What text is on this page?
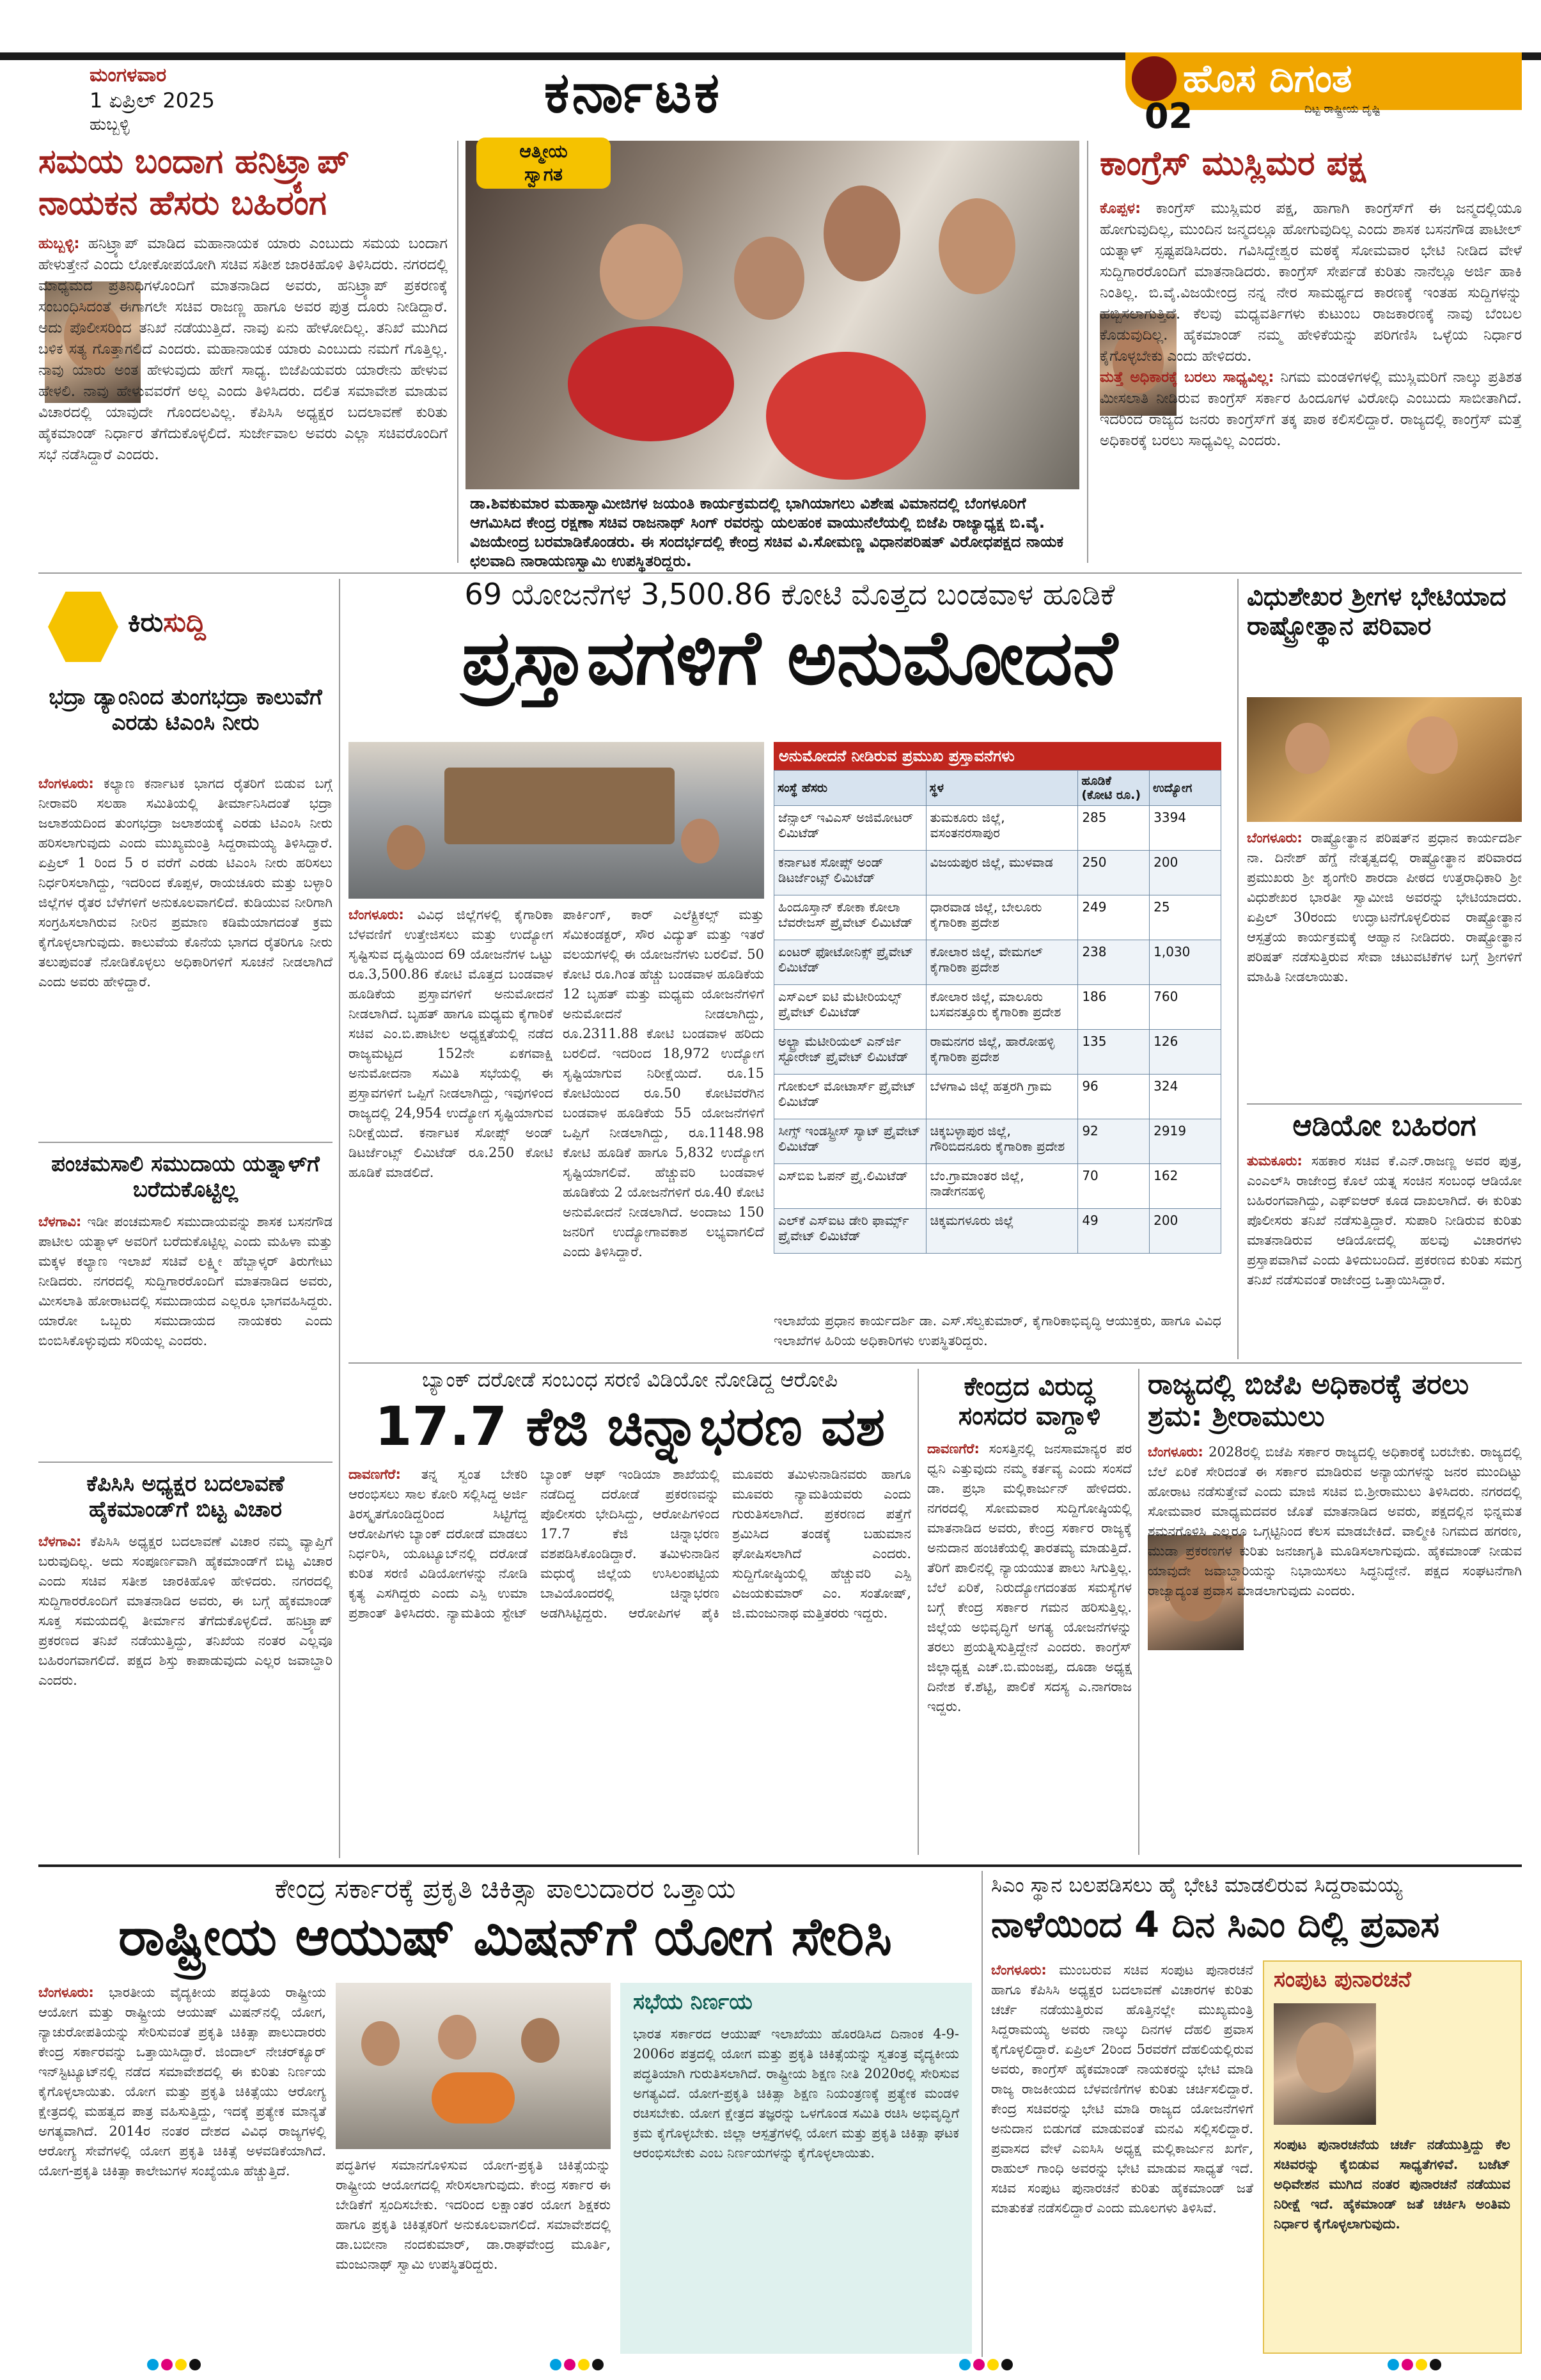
ಮಂಗಳವಾರ
1 ಏಪ್ರಿಲ್ 2025
ಹುಬ್ಬಳ್ಳಿ	ಕರ್ನಾಟಕ	ಹೊಸ ದಿಗಂತ
ದಿಟ್ಟ ರಾಷ್ಟ್ರೀಯ ದೃಷ್ಟಿ
02
ಸಮಯ ಬಂದಾಗ ಹನಿಟ್ರ್ಯಾಪ್
ನಾಯಕನ ಹೆಸರು ಬಹಿರಂಗ
ಹುಬ್ಬಳ್ಳಿ: ಹನಿಟ್ರ್ಯಾಪ್ ಮಾಡಿದ ಮಹಾನಾಯಕ ಯಾರು ಎಂಬುದು ಸಮಯ ಬಂದಾಗ ಹೇಳುತ್ತೇನೆ ಎಂದು ಲೋಕೋಪಯೋಗಿ ಸಚಿವ ಸತೀಶ ಜಾರಕಿಹೊಳಿ ತಿಳಿಸಿದರು. ನಗರದಲ್ಲಿ ಮಾಧ್ಯಮದ ಪ್ರತಿನಿಧಿಗಳೊಂದಿಗೆ ಮಾತನಾಡಿದ ಅವರು, ಹನಿಟ್ರ್ಯಾಪ್ ಪ್ರಕರಣಕ್ಕೆ ಸಂಬಂಧಿಸಿದಂತೆ ಈಗಾಗಲೇ ಸಚಿವ ರಾಜಣ್ಣ ಹಾಗೂ ಅವರ ಪುತ್ರ ದೂರು ನೀಡಿದ್ದಾರೆ. ಅದು ಪೊಲೀಸರಿಂದ ತನಿಖೆ ನಡೆಯುತ್ತಿದೆ. ನಾವು ಏನು ಹೇಳೋದಿಲ್ಲ. ತನಿಖೆ ಮುಗಿದ ಬಳಿಕ ಸತ್ಯ ಗೊತ್ತಾಗಲಿದೆ ಎಂದರು. ಮಹಾನಾಯಕ ಯಾರು ಎಂಬುದು ನಮಗೆ ಗೊತ್ತಿಲ್ಲ. ನಾವು ಯಾರು ಅಂತ ಹೇಳುವುದು ಹೇಗೆ ಸಾಧ್ಯ. ಬಿಜೆಪಿಯವರು ಯಾರೇನು ಹೇಳುವ ಹೇಳಲಿ. ನಾವು ಹೇಳುವವರೆಗೆ ಅಲ್ಲ ಎಂದು ತಿಳಿಸಿದರು. ದಲಿತ ಸಮಾವೇಶ ಮಾಡುವ ವಿಚಾರದಲ್ಲಿ ಯಾವುದೇ ಗೊಂದಲವಿಲ್ಲ. ಕೆಪಿಸಿಸಿ ಅಧ್ಯಕ್ಷರ ಬದಲಾವಣೆ ಕುರಿತು ಹೈಕಮಾಂಡ್ ನಿರ್ಧಾರ ತೆಗೆದುಕೊಳ್ಳಲಿದೆ. ಸುರ್ಜೇವಾಲ ಅವರು ಎಲ್ಲಾ ಸಚಿವರೊಂದಿಗೆ ಸಭೆ ನಡೆಸಿದ್ದಾರೆ ಎಂದರು.
ಆತ್ಮೀಯ
ಸ್ವಾಗತ
ಡಾ.ಶಿವಕುಮಾರ ಮಹಾಸ್ವಾಮೀಜಿಗಳ ಜಯಂತಿ ಕಾರ್ಯಕ್ರಮದಲ್ಲಿ ಭಾಗಿಯಾಗಲು ವಿಶೇಷ ವಿಮಾನದಲ್ಲಿ ಬೆಂಗಳೂರಿಗೆ ಆಗಮಿಸಿದ ಕೇಂದ್ರ ರಕ್ಷಣಾ ಸಚಿವ ರಾಜನಾಥ್ ಸಿಂಗ್ ರವರನ್ನು ಯಲಹಂಕ ವಾಯುನೆಲೆಯಲ್ಲಿ ಬಿಜೆಪಿ ರಾಜ್ಯಾಧ್ಯಕ್ಷ ಬಿ.ವೈ. ವಿಜಯೇಂದ್ರ ಬರಮಾಡಿಕೊಂಡರು. ಈ ಸಂದರ್ಭದಲ್ಲಿ ಕೇಂದ್ರ ಸಚಿವ ವಿ.ಸೋಮಣ್ಣ ವಿಧಾನಪರಿಷತ್ ವಿರೋಧಪಕ್ಷದ ನಾಯಕ ಛಲವಾದಿ ನಾರಾಯಣಸ್ವಾಮಿ ಉಪಸ್ಥಿತರಿದ್ದರು.
ಕಾಂಗ್ರೆಸ್ ಮುಸ್ಲಿಮರ ಪಕ್ಷ
ಕೊಪ್ಪಳ: ಕಾಂಗ್ರೆಸ್ ಮುಸ್ಲಿಮರ ಪಕ್ಷ, ಹಾಗಾಗಿ ಕಾಂಗ್ರೆಸ್‌ಗೆ ಈ ಜನ್ಮದಲ್ಲಿಯೂ ಹೋಗುವುದಿಲ್ಲ, ಮುಂದಿನ ಜನ್ಮದಲ್ಲೂ ಹೋಗುವುದಿಲ್ಲ ಎಂದು ಶಾಸಕ ಬಸನಗೌಡ ಪಾಟೀಲ್ ಯತ್ನಾಳ್ ಸ್ಪಷ್ಟಪಡಿಸಿದರು. ಗವಿಸಿದ್ದೇಶ್ವರ ಮಠಕ್ಕೆ ಸೋಮವಾರ ಭೇಟಿ ನೀಡಿದ ವೇಳೆ ಸುದ್ದಿಗಾರರೊಂದಿಗೆ ಮಾತನಾಡಿದರು. ಕಾಂಗ್ರೆಸ್ ಸೇರ್ಪಡೆ ಕುರಿತು ನಾನೆಲ್ಲೂ ಅರ್ಜಿ ಹಾಕಿ ನಿಂತಿಲ್ಲ. ಬಿ.ವೈ.ವಿಜಯೇಂದ್ರ ನನ್ನ ನೇರ ಸಾಮರ್ಥ್ಯದ ಕಾರಣಕ್ಕೆ ಇಂತಹ ಸುದ್ದಿಗಳನ್ನು ಹಬ್ಬಿಸಲಾಗುತ್ತಿದೆ. ಕೆಲವು ಮಧ್ಯವರ್ತಿಗಳು ಕುಟುಂಬ ರಾಜಕಾರಣಕ್ಕೆ ನಾವು ಬೆಂಬಲ ಕೊಡುವುದಿಲ್ಲ. ಹೈಕಮಾಂಡ್ ನಮ್ಮ ಹೇಳಿಕೆಯನ್ನು ಪರಿಗಣಿಸಿ ಒಳ್ಳೆಯ ನಿರ್ಧಾರ ಕೈಗೊಳ್ಳಬೇಕು ಎಂದು ಹೇಳಿದರು.
ಮತ್ತೆ ಅಧಿಕಾರಕ್ಕೆ ಬರಲು ಸಾಧ್ಯವಿಲ್ಲ: ನಿಗಮ ಮಂಡಳಿಗಳಲ್ಲಿ ಮುಸ್ಲಿಮರಿಗೆ ನಾಲ್ಕು ಪ್ರತಿಶತ ಮೀಸಲಾತಿ ನೀಡಿರುವ ಕಾಂಗ್ರೆಸ್ ಸರ್ಕಾರ ಹಿಂದೂಗಳ ವಿರೋಧಿ ಎಂಬುದು ಸಾಬೀತಾಗಿದೆ. ಇದರಿಂದ ರಾಜ್ಯದ ಜನರು ಕಾಂಗ್ರೆಸ್‌ಗೆ ತಕ್ಕ ಪಾಠ ಕಲಿಸಲಿದ್ದಾರೆ. ರಾಜ್ಯದಲ್ಲಿ ಕಾಂಗ್ರೆಸ್ ಮತ್ತೆ ಅಧಿಕಾರಕ್ಕೆ ಬರಲು ಸಾಧ್ಯವಿಲ್ಲ ಎಂದರು.
ಕಿರುಸುದ್ದಿ
ಭದ್ರಾ ಡ್ಯಾಂನಿಂದ ತುಂಗಭದ್ರಾ ಕಾಲುವೆಗೆ ಎರಡು ಟಿಎಂಸಿ ನೀರು
ಬೆಂಗಳೂರು: ಕಲ್ಯಾಣ ಕರ್ನಾಟಕ ಭಾಗದ ರೈತರಿಗೆ ಬಿಡುವ ಬಗ್ಗೆ ನೀರಾವರಿ ಸಲಹಾ ಸಮಿತಿಯಲ್ಲಿ ತೀರ್ಮಾನಿಸಿದಂತೆ ಭದ್ರಾ ಜಲಾಶಯದಿಂದ ತುಂಗಭದ್ರಾ ಜಲಾಶಯಕ್ಕೆ ಎರಡು ಟಿಎಂಸಿ ನೀರು ಹರಿಸಲಾಗುವುದು ಎಂದು ಮುಖ್ಯಮಂತ್ರಿ ಸಿದ್ದರಾಮಯ್ಯ ತಿಳಿಸಿದ್ದಾರೆ. ಏಪ್ರಿಲ್ 1 ರಿಂದ 5 ರ ವರೆಗೆ ಎರಡು ಟಿಎಂಸಿ ನೀರು ಹರಿಸಲು ನಿರ್ಧರಿಸಲಾಗಿದ್ದು, ಇದರಿಂದ ಕೊಪ್ಪಳ, ರಾಯಚೂರು ಮತ್ತು ಬಳ್ಳಾರಿ ಜಿಲ್ಲೆಗಳ ರೈತರ ಬೆಳೆಗಳಿಗೆ ಅನುಕೂಲವಾಗಲಿದೆ. ಕುಡಿಯುವ ನೀರಿಗಾಗಿ ಸಂಗ್ರಹಿಸಲಾಗಿರುವ ನೀರಿನ ಪ್ರಮಾಣ ಕಡಿಮೆಯಾಗದಂತೆ ಕ್ರಮ ಕೈಗೊಳ್ಳಲಾಗುವುದು. ಕಾಲುವೆಯ ಕೊನೆಯ ಭಾಗದ ರೈತರಿಗೂ ನೀರು ತಲುಪುವಂತೆ ನೋಡಿಕೊಳ್ಳಲು ಅಧಿಕಾರಿಗಳಿಗೆ ಸೂಚನೆ ನೀಡಲಾಗಿದೆ ಎಂದು ಅವರು ಹೇಳಿದ್ದಾರೆ.
ಪಂಚಮಸಾಲಿ ಸಮುದಾಯ ಯತ್ನಾಳ್‌ಗೆ ಬರೆದುಕೊಟ್ಟಿಲ್ಲ
ಬೆಳಗಾವಿ: ಇಡೀ ಪಂಚಮಸಾಲಿ ಸಮುದಾಯವನ್ನು ಶಾಸಕ ಬಸನಗೌಡ ಪಾಟೀಲ ಯತ್ನಾಳ್ ಅವರಿಗೆ ಬರೆದುಕೊಟ್ಟಿಲ್ಲ ಎಂದು ಮಹಿಳಾ ಮತ್ತು ಮಕ್ಕಳ ಕಲ್ಯಾಣ ಇಲಾಖೆ ಸಚಿವೆ ಲಕ್ಷ್ಮೀ ಹೆಬ್ಬಾಳ್ಕರ್ ತಿರುಗೇಟು ನೀಡಿದರು. ನಗರದಲ್ಲಿ ಸುದ್ದಿಗಾರರೊಂದಿಗೆ ಮಾತನಾಡಿದ ಅವರು, ಮೀಸಲಾತಿ ಹೋರಾಟದಲ್ಲಿ ಸಮುದಾಯದ ಎಲ್ಲರೂ ಭಾಗವಹಿಸಿದ್ದರು. ಯಾರೋ ಒಬ್ಬರು ಸಮುದಾಯದ ನಾಯಕರು ಎಂದು ಬಿಂಬಿಸಿಕೊಳ್ಳುವುದು ಸರಿಯಲ್ಲ ಎಂದರು.
ಕೆಪಿಸಿಸಿ ಅಧ್ಯಕ್ಷರ ಬದಲಾವಣೆ ಹೈಕಮಾಂಡ್‌ಗೆ ಬಿಟ್ಟ ವಿಚಾರ
ಬೆಳಗಾವಿ: ಕೆಪಿಸಿಸಿ ಅಧ್ಯಕ್ಷರ ಬದಲಾವಣೆ ವಿಚಾರ ನಮ್ಮ ವ್ಯಾಪ್ತಿಗೆ ಬರುವುದಿಲ್ಲ. ಅದು ಸಂಪೂರ್ಣವಾಗಿ ಹೈಕಮಾಂಡ್‌ಗೆ ಬಿಟ್ಟ ವಿಚಾರ ಎಂದು ಸಚಿವ ಸತೀಶ ಜಾರಕಿಹೊಳಿ ಹೇಳಿದರು. ನಗರದಲ್ಲಿ ಸುದ್ದಿಗಾರರೊಂದಿಗೆ ಮಾತನಾಡಿದ ಅವರು, ಈ ಬಗ್ಗೆ ಹೈಕಮಾಂಡ್ ಸೂಕ್ತ ಸಮಯದಲ್ಲಿ ತೀರ್ಮಾನ ತೆಗೆದುಕೊಳ್ಳಲಿದೆ. ಹನಿಟ್ರ್ಯಾಪ್ ಪ್ರಕರಣದ ತನಿಖೆ ನಡೆಯುತ್ತಿದ್ದು, ತನಿಖೆಯ ನಂತರ ಎಲ್ಲವೂ ಬಹಿರಂಗವಾಗಲಿದೆ. ಪಕ್ಷದ ಶಿಸ್ತು ಕಾಪಾಡುವುದು ಎಲ್ಲರ ಜವಾಬ್ದಾರಿ ಎಂದರು.
69 ಯೋಜನೆಗಳ 3,500.86 ಕೋಟಿ ಮೊತ್ತದ ಬಂಡವಾಳ ಹೂಡಿಕೆ
ಪ್ರಸ್ತಾವಗಳಿಗೆ ಅನುಮೋದನೆ
ಬೆಂಗಳೂರು: ವಿವಿಧ ಜಿಲ್ಲೆಗಳಲ್ಲಿ ಕೈಗಾರಿಕಾ ಬೆಳವಣಿಗೆ ಉತ್ತೇಜಿಸಲು ಮತ್ತು ಉದ್ಯೋಗ ಸೃಷ್ಟಿಸುವ ದೃಷ್ಟಿಯಿಂದ 69 ಯೋಜನೆಗಳ ಒಟ್ಟು ರೂ.3,500.86 ಕೋಟಿ ಮೊತ್ತದ ಬಂಡವಾಳ ಹೂಡಿಕೆಯ ಪ್ರಸ್ತಾವಗಳಿಗೆ ಅನುಮೋದನೆ ನೀಡಲಾಗಿದೆ. ಬೃಹತ್ ಹಾಗೂ ಮಧ್ಯಮ ಕೈಗಾರಿಕೆ ಸಚಿವ ಎಂ.ಬಿ.ಪಾಟೀಲ ಅಧ್ಯಕ್ಷತೆಯಲ್ಲಿ ನಡೆದ ರಾಜ್ಯಮಟ್ಟದ 152ನೇ ಏಕಗವಾಕ್ಷಿ ಅನುಮೋದನಾ ಸಮಿತಿ ಸಭೆಯಲ್ಲಿ ಈ ಪ್ರಸ್ತಾವಗಳಿಗೆ ಒಪ್ಪಿಗೆ ನೀಡಲಾಗಿದ್ದು, ಇವುಗಳಿಂದ ರಾಜ್ಯದಲ್ಲಿ 24,954 ಉದ್ಯೋಗ ಸೃಷ್ಟಿಯಾಗುವ ನಿರೀಕ್ಷೆಯಿದೆ. ಕರ್ನಾಟಕ ಸೋಪ್ಸ್ ಅಂಡ್ ಡಿಟರ್ಜೆಂಟ್ಸ್ ಲಿಮಿಟೆಡ್ ರೂ.250 ಕೋಟಿ ಹೂಡಿಕೆ ಮಾಡಲಿದೆ.
ಪಾರ್ಕಿಂಗ್, ಕಾರ್ ಎಲೆಕ್ಟ್ರಿಕಲ್ಸ್ ಮತ್ತು ಸೆಮಿಕಂಡಕ್ಟರ್, ಸೌರ ವಿದ್ಯುತ್ ಮತ್ತು ಇತರೆ ವಲಯಗಳಲ್ಲಿ ಈ ಯೋಜನೆಗಳು ಬರಲಿವೆ. 50 ಕೋಟಿ ರೂ.ಗಿಂತ ಹೆಚ್ಚು ಬಂಡವಾಳ ಹೂಡಿಕೆಯ 12 ಬೃಹತ್ ಮತ್ತು ಮಧ್ಯಮ ಯೋಜನೆಗಳಿಗೆ ಅನುಮೋದನೆ ನೀಡಲಾಗಿದ್ದು, ರೂ.2311.88 ಕೋಟಿ ಬಂಡವಾಳ ಹರಿದು ಬರಲಿದೆ. ಇದರಿಂದ 18,972 ಉದ್ಯೋಗ ಸೃಷ್ಟಿಯಾಗುವ ನಿರೀಕ್ಷೆಯಿದೆ. ರೂ.15 ಕೋಟಿಯಿಂದ ರೂ.50 ಕೋಟಿವರೆಗಿನ ಬಂಡವಾಳ ಹೂಡಿಕೆಯ 55 ಯೋಜನೆಗಳಿಗೆ ಒಪ್ಪಿಗೆ ನೀಡಲಾಗಿದ್ದು, ರೂ.1148.98 ಕೋಟಿ ಹೂಡಿಕೆ ಹಾಗೂ 5,832 ಉದ್ಯೋಗ ಸೃಷ್ಟಿಯಾಗಲಿವೆ. ಹೆಚ್ಚುವರಿ ಬಂಡವಾಳ ಹೂಡಿಕೆಯ 2 ಯೋಜನೆಗಳಿಗೆ ರೂ.40 ಕೋಟಿ ಅನುಮೋದನೆ ನೀಡಲಾಗಿದೆ. ಅಂದಾಜು 150 ಜನರಿಗೆ ಉದ್ಯೋಗಾವಕಾಶ ಲಭ್ಯವಾಗಲಿದೆ ಎಂದು ತಿಳಿಸಿದ್ದಾರೆ.
ಅನುಮೋದನೆ ನೀಡಿರುವ ಪ್ರಮುಖ ಪ್ರಸ್ತಾವನೆಗಳು
ಸಂಸ್ಥೆ ಹೆಸರು	ಸ್ಥಳ	ಹೂಡಿಕೆ (ಕೋಟಿ ರೂ.)	ಉದ್ಯೋಗ
ಜೆನ್ಸಾಲ್ ಇವಿಎಸ್ ಅಜಿಮೋಟರ್ ಲಿಮಿಟೆಡ್	ತುಮಕೂರು ಜಿಲ್ಲೆ, ವಸಂತನರಸಾಪುರ	285	3394
ಕರ್ನಾಟಕ ಸೋಪ್ಸ್ ಅಂಡ್ ಡಿಟರ್ಜೆಂಟ್ಸ್ ಲಿಮಿಟೆಡ್	ವಿಜಯಪುರ ಜಿಲ್ಲೆ, ಮುಳವಾಡ	250	200
ಹಿಂದೂಸ್ತಾನ್ ಕೋಕಾ ಕೋಲಾ ಬೆವರೇಜಸ್ ಪ್ರೈವೇಟ್ ಲಿಮಿಟೆಡ್	ಧಾರವಾಡ ಜಿಲ್ಲೆ, ಬೇಲೂರು ಕೈಗಾರಿಕಾ ಪ್ರದೇಶ	249	25
ಏಂಟರ್ ಫೋಟೋನಿಕ್ಸ್ ಪ್ರೈವೇಟ್ ಲಿಮಿಟೆಡ್	ಕೋಲಾರ ಜಿಲ್ಲೆ, ವೇಮಗಲ್ ಕೈಗಾರಿಕಾ ಪ್ರದೇಶ	238	1,030
ಎಸ್‌ಎಲ್ ಐಟಿ ಮೆಟೀರಿಯಲ್ಸ್ ಪ್ರೈವೇಟ್ ಲಿಮಿಟೆಡ್	ಕೋಲಾರ ಜಿಲ್ಲೆ, ಮಾಲೂರು ಬಸವನತ್ತೂರು ಕೈಗಾರಿಕಾ ಪ್ರದೇಶ	186	760
ಅಲ್ಟ್ರಾ ಮೆಟೀರಿಯಲ್ ಎನ್‌ರ್ಜಿ ಸ್ಟೋರೇಜ್ ಪ್ರೈವೇಟ್ ಲಿಮಿಟೆಡ್	ರಾಮನಗರ ಜಿಲ್ಲೆ, ಹಾರೋಹಳ್ಳಿ ಕೈಗಾರಿಕಾ ಪ್ರದೇಶ	135	126
ಗೋಕುಲ್ ಮೋಟಾರ್ಸ್ ಪ್ರೈವೇಟ್ ಲಿಮಿಟೆಡ್	ಬೆಳಗಾವಿ ಜಿಲ್ಲೆ ಹತ್ತರಗಿ ಗ್ರಾಮ	96	324
ಸೀಗ್ಸ್ ಇಂಡಸ್ಟ್ರೀಸ್ ಸ್ಯಾಟ್ ಪ್ರೈವೇಟ್ ಲಿಮಿಟೆಡ್	ಚಿಕ್ಕಬಳ್ಳಾಪುರ ಜಿಲ್ಲೆ, ಗೌರಿಬಿದನೂರು ಕೈಗಾರಿಕಾ ಪ್ರದೇಶ	92	2919
ಎಸ್‌ಬಿಐ ಓಪನ್ ಪ್ರೈ.ಲಿಮಿಟೆಡ್	ಬೆಂ.ಗ್ರಾಮಾಂತರ ಜಿಲ್ಲೆ, ನಾಡೇಗನಹಳ್ಳಿ	70	162
ಎಲ್‌ಕೆ ಎಸ್‌ಐಟ ಡೇರಿ ಫಾರ್ಮ್ಸ್ ಪ್ರೈವೇಟ್ ಲಿಮಿಟೆಡ್	ಚಿಕ್ಕಮಗಳೂರು ಜಿಲ್ಲೆ	49	200
ಇಲಾಖೆಯ ಪ್ರಧಾನ ಕಾರ್ಯದರ್ಶಿ ಡಾ. ಎಸ್.ಸೆಲ್ವಕುಮಾರ್, ಕೈಗಾರಿಕಾಭಿವೃದ್ಧಿ ಆಯುಕ್ತರು, ಹಾಗೂ ವಿವಿಧ ಇಲಾಖೆಗಳ ಹಿರಿಯ ಅಧಿಕಾರಿಗಳು ಉಪಸ್ಥಿತರಿದ್ದರು.
ವಿಧುಶೇಖರ ಶ್ರೀಗಳ ಭೇಟಿಯಾದ ರಾಷ್ಟ್ರೋತ್ಥಾನ ಪರಿವಾರ
ಬೆಂಗಳೂರು: ರಾಷ್ಟ್ರೋತ್ಥಾನ ಪರಿಷತ್‌ನ ಪ್ರಧಾನ ಕಾರ್ಯದರ್ಶಿ ನಾ. ದಿನೇಶ್ ಹೆಗ್ಡೆ ನೇತೃತ್ವದಲ್ಲಿ ರಾಷ್ಟ್ರೋತ್ಥಾನ ಪರಿವಾರದ ಪ್ರಮುಖರು ಶ್ರೀ ಶೃಂಗೇರಿ ಶಾರದಾ ಪೀಠದ ಉತ್ತರಾಧಿಕಾರಿ ಶ್ರೀ ವಿಧುಶೇಖರ ಭಾರತೀ ಸ್ವಾಮೀಜಿ ಅವರನ್ನು ಭೇಟಿಯಾದರು. ಏಪ್ರಿಲ್ 30ರಂದು ಉದ್ಘಾಟನೆಗೊಳ್ಳಲಿರುವ ರಾಷ್ಟ್ರೋತ್ಥಾನ ಆಸ್ಪತ್ರೆಯ ಕಾರ್ಯಕ್ರಮಕ್ಕೆ ಆಹ್ವಾನ ನೀಡಿದರು. ರಾಷ್ಟ್ರೋತ್ಥಾನ ಪರಿಷತ್ ನಡೆಸುತ್ತಿರುವ ಸೇವಾ ಚಟುವಟಿಕೆಗಳ ಬಗ್ಗೆ ಶ್ರೀಗಳಿಗೆ ಮಾಹಿತಿ ನೀಡಲಾಯಿತು.
ಆಡಿಯೋ ಬಹಿರಂಗ
ತುಮಕೂರು: ಸಹಕಾರ ಸಚಿವ ಕೆ.ಎನ್.ರಾಜಣ್ಣ ಅವರ ಪುತ್ರ, ಎಂಎಲ್‌ಸಿ ರಾಜೇಂದ್ರ ಕೊಲೆ ಯತ್ನ ಸಂಚಿನ ಸಂಬಂಧ ಆಡಿಯೋ ಬಹಿರಂಗವಾಗಿದ್ದು, ಎಫ್‌ಐಆರ್ ಕೂಡ ದಾಖಲಾಗಿದೆ. ಈ ಕುರಿತು ಪೊಲೀಸರು ತನಿಖೆ ನಡೆಸುತ್ತಿದ್ದಾರೆ. ಸುಪಾರಿ ನೀಡಿರುವ ಕುರಿತು ಮಾತನಾಡಿರುವ ಆಡಿಯೋದಲ್ಲಿ ಹಲವು ವಿಚಾರಗಳು ಪ್ರಸ್ತಾಪವಾಗಿವೆ ಎಂದು ತಿಳಿದುಬಂದಿದೆ. ಪ್ರಕರಣದ ಕುರಿತು ಸಮಗ್ರ ತನಿಖೆ ನಡೆಸುವಂತೆ ರಾಜೇಂದ್ರ ಒತ್ತಾಯಿಸಿದ್ದಾರೆ.
ಬ್ಯಾಂಕ್ ದರೋಡೆ ಸಂಬಂಧ ಸರಣಿ ವಿಡಿಯೋ ನೋಡಿದ್ದ ಆರೋಪಿ
17.7 ಕೆಜಿ ಚಿನ್ನಾಭರಣ ವಶ
ದಾವಣಗೆರೆ: ತನ್ನ ಸ್ವಂತ ಬೇಕರಿ ಆರಂಭಿಸಲು ಸಾಲ ಕೋರಿ ಸಲ್ಲಿಸಿದ್ದ ಅರ್ಜಿ ತಿರಸ್ಕೃತಗೊಂಡಿದ್ದರಿಂದ ಸಿಟ್ಟಿಗೆದ್ದ ಆರೋಪಿಗಳು ಬ್ಯಾಂಕ್ ದರೋಡೆ ಮಾಡಲು ನಿರ್ಧರಿಸಿ, ಯೂಟ್ಯೂಬ್‌ನಲ್ಲಿ ದರೋಡೆ ಕುರಿತ ಸರಣಿ ವಿಡಿಯೋಗಳನ್ನು ನೋಡಿ ಕೃತ್ಯ ಎಸಗಿದ್ದರು ಎಂದು ಎಸ್ಪಿ ಉಮಾ ಪ್ರಶಾಂತ್ ತಿಳಿಸಿದರು. ನ್ಯಾಮತಿಯ ಸ್ಟೇಟ್ ಬ್ಯಾಂಕ್ ಆಫ್ ಇಂಡಿಯಾ ಶಾಖೆಯಲ್ಲಿ ನಡೆದಿದ್ದ ದರೋಡೆ ಪ್ರಕರಣವನ್ನು ಪೊಲೀಸರು ಭೇದಿಸಿದ್ದು, ಆರೋಪಿಗಳಿಂದ 17.7 ಕೆಜಿ ಚಿನ್ನಾಭರಣ ವಶಪಡಿಸಿಕೊಂಡಿದ್ದಾರೆ. ತಮಿಳುನಾಡಿನ ಮಧುರೈ ಜಿಲ್ಲೆಯ ಉಸಿಲಂಪಟ್ಟಿಯ ಬಾವಿಯೊಂದರಲ್ಲಿ ಚಿನ್ನಾಭರಣ ಅಡಗಿಸಿಟ್ಟಿದ್ದರು. ಆರೋಪಿಗಳ ಪೈಕಿ ಮೂವರು ತಮಿಳುನಾಡಿನವರು ಹಾಗೂ ಮೂವರು ನ್ಯಾಮತಿಯವರು ಎಂದು ಗುರುತಿಸಲಾಗಿದೆ. ಪ್ರಕರಣದ ಪತ್ತೆಗೆ ಶ್ರಮಿಸಿದ ತಂಡಕ್ಕೆ ಬಹುಮಾನ ಘೋಷಿಸಲಾಗಿದೆ ಎಂದರು. ಸುದ್ದಿಗೋಷ್ಠಿಯಲ್ಲಿ ಹೆಚ್ಚುವರಿ ಎಸ್ಪಿ ವಿಜಯಕುಮಾರ್ ಎಂ. ಸಂತೋಷ್, ಜಿ.ಮಂಜುನಾಥ ಮತ್ತಿತರರು ಇದ್ದರು.
ಕೇಂದ್ರದ ವಿರುದ್ಧ ಸಂಸದರ ವಾಗ್ದಾಳಿ
ದಾವಣಗೆರೆ: ಸಂಸತ್ತಿನಲ್ಲಿ ಜನಸಾಮಾನ್ಯರ ಪರ ಧ್ವನಿ ಎತ್ತುವುದು ನಮ್ಮ ಕರ್ತವ್ಯ ಎಂದು ಸಂಸದೆ ಡಾ. ಪ್ರಭಾ ಮಲ್ಲಿಕಾರ್ಜುನ್ ಹೇಳಿದರು. ನಗರದಲ್ಲಿ ಸೋಮವಾರ ಸುದ್ದಿಗೋಷ್ಠಿಯಲ್ಲಿ ಮಾತನಾಡಿದ ಅವರು, ಕೇಂದ್ರ ಸರ್ಕಾರ ರಾಜ್ಯಕ್ಕೆ ಅನುದಾನ ಹಂಚಿಕೆಯಲ್ಲಿ ತಾರತಮ್ಯ ಮಾಡುತ್ತಿದೆ. ತೆರಿಗೆ ಪಾಲಿನಲ್ಲಿ ನ್ಯಾಯಯುತ ಪಾಲು ಸಿಗುತ್ತಿಲ್ಲ. ಬೆಲೆ ಏರಿಕೆ, ನಿರುದ್ಯೋಗದಂತಹ ಸಮಸ್ಯೆಗಳ ಬಗ್ಗೆ ಕೇಂದ್ರ ಸರ್ಕಾರ ಗಮನ ಹರಿಸುತ್ತಿಲ್ಲ. ಜಿಲ್ಲೆಯ ಅಭಿವೃದ್ಧಿಗೆ ಅಗತ್ಯ ಯೋಜನೆಗಳನ್ನು ತರಲು ಪ್ರಯತ್ನಿಸುತ್ತಿದ್ದೇನೆ ಎಂದರು. ಕಾಂಗ್ರೆಸ್ ಜಿಲ್ಲಾಧ್ಯಕ್ಷ ಎಚ್.ಬಿ.ಮಂಜಪ್ಪ, ದೂಡಾ ಅಧ್ಯಕ್ಷ ದಿನೇಶ ಕೆ.ಶೆಟ್ಟಿ, ಪಾಲಿಕೆ ಸದಸ್ಯ ಎ.ನಾಗರಾಜ ಇದ್ದರು.
ರಾಜ್ಯದಲ್ಲಿ ಬಿಜೆಪಿ ಅಧಿಕಾರಕ್ಕೆ ತರಲು ಶ್ರಮ: ಶ್ರೀರಾಮುಲು
ಬೆಂಗಳೂರು: 2028ರಲ್ಲಿ ಬಿಜೆಪಿ ಸರ್ಕಾರ ರಾಜ್ಯದಲ್ಲಿ ಅಧಿಕಾರಕ್ಕೆ ಬರಬೇಕು. ರಾಜ್ಯದಲ್ಲಿ ಬೆಲೆ ಏರಿಕೆ ಸೇರಿದಂತೆ ಈ ಸರ್ಕಾರ ಮಾಡಿರುವ ಅನ್ಯಾಯಗಳನ್ನು ಜನರ ಮುಂದಿಟ್ಟು ಹೋರಾಟ ನಡೆಸುತ್ತೇವೆ ಎಂದು ಮಾಜಿ ಸಚಿವ ಬಿ.ಶ್ರೀರಾಮುಲು ತಿಳಿಸಿದರು. ನಗರದಲ್ಲಿ ಸೋಮವಾರ ಮಾಧ್ಯಮದವರ ಜೊತೆ ಮಾತನಾಡಿದ ಅವರು, ಪಕ್ಷದಲ್ಲಿನ ಭಿನ್ನಮತ ಶಮನಗೊಳಿಸಿ ಎಲ್ಲರೂ ಒಗ್ಗಟ್ಟಿನಿಂದ ಕೆಲಸ ಮಾಡಬೇಕಿದೆ. ವಾಲ್ಮೀಕಿ ನಿಗಮದ ಹಗರಣ, ಮುಡಾ ಪ್ರಕರಣಗಳ ಕುರಿತು ಜನಜಾಗೃತಿ ಮೂಡಿಸಲಾಗುವುದು. ಹೈಕಮಾಂಡ್ ನೀಡುವ ಯಾವುದೇ ಜವಾಬ್ದಾರಿಯನ್ನು ನಿಭಾಯಿಸಲು ಸಿದ್ಧನಿದ್ದೇನೆ. ಪಕ್ಷದ ಸಂಘಟನೆಗಾಗಿ ರಾಜ್ಯಾದ್ಯಂತ ಪ್ರವಾಸ ಮಾಡಲಾಗುವುದು ಎಂದರು.
ಕೇಂದ್ರ ಸರ್ಕಾರಕ್ಕೆ ಪ್ರಕೃತಿ ಚಿಕಿತ್ಸಾ ಪಾಲುದಾರರ ಒತ್ತಾಯ
ರಾಷ್ಟ್ರೀಯ ಆಯುಷ್ ಮಿಷನ್‌ಗೆ ಯೋಗ ಸೇರಿಸಿ
ಬೆಂಗಳೂರು: ಭಾರತೀಯ ವೈದ್ಯಕೀಯ ಪದ್ಧತಿಯ ರಾಷ್ಟ್ರೀಯ ಆಯೋಗ ಮತ್ತು ರಾಷ್ಟ್ರೀಯ ಆಯುಷ್ ಮಿಷನ್‌ನಲ್ಲಿ ಯೋಗ, ನ್ಯಾಚುರೋಪತಿಯನ್ನು ಸೇರಿಸುವಂತೆ ಪ್ರಕೃತಿ ಚಿಕಿತ್ಸಾ ಪಾಲುದಾರರು ಕೇಂದ್ರ ಸರ್ಕಾರವನ್ನು ಒತ್ತಾಯಿಸಿದ್ದಾರೆ. ಜಿಂದಾಲ್ ನೇಚರ್‌ಕ್ಯೂರ್ ಇನ್‌ಸ್ಟಿಟ್ಯೂಟ್‌ನಲ್ಲಿ ನಡೆದ ಸಮಾವೇಶದಲ್ಲಿ ಈ ಕುರಿತು ನಿರ್ಣಯ ಕೈಗೊಳ್ಳಲಾಯಿತು. ಯೋಗ ಮತ್ತು ಪ್ರಕೃತಿ ಚಿಕಿತ್ಸೆಯು ಆರೋಗ್ಯ ಕ್ಷೇತ್ರದಲ್ಲಿ ಮಹತ್ವದ ಪಾತ್ರ ವಹಿಸುತ್ತಿದ್ದು, ಇದಕ್ಕೆ ಪ್ರತ್ಯೇಕ ಮಾನ್ಯತೆ ಅಗತ್ಯವಾಗಿದೆ. 2014ರ ನಂತರ ದೇಶದ ವಿವಿಧ ರಾಜ್ಯಗಳಲ್ಲಿ ಆರೋಗ್ಯ ಸೇವೆಗಳಲ್ಲಿ ಯೋಗ ಪ್ರಕೃತಿ ಚಿಕಿತ್ಸೆ ಅಳವಡಿಕೆಯಾಗಿದೆ. ಯೋಗ-ಪ್ರಕೃತಿ ಚಿಕಿತ್ಸಾ ಕಾಲೇಜುಗಳ ಸಂಖ್ಯೆಯೂ ಹೆಚ್ಚುತ್ತಿದೆ.	ಪದ್ಧತಿಗಳ ಸಮಾನಗೊಳಿಸುವ ಯೋಗ-ಪ್ರಕೃತಿ ಚಿಕಿತ್ಸೆಯನ್ನು ರಾಷ್ಟ್ರೀಯ ಆಯೋಗದಲ್ಲಿ ಸೇರಿಸಲಾಗುವುದು. ಕೇಂದ್ರ ಸರ್ಕಾರ ಈ ಬೇಡಿಕೆಗೆ ಸ್ಪಂದಿಸಬೇಕು. ಇದರಿಂದ ಲಕ್ಷಾಂತರ ಯೋಗ ಶಿಕ್ಷಕರು ಹಾಗೂ ಪ್ರಕೃತಿ ಚಿಕಿತ್ಸಕರಿಗೆ ಅನುಕೂಲವಾಗಲಿದೆ. ಸಮಾವೇಶದಲ್ಲಿ ಡಾ.ಬಬೀನಾ ನಂದಕುಮಾರ್, ಡಾ.ರಾಘವೇಂದ್ರ ಮೂರ್ತಿ, ಮಂಜುನಾಥ್ ಸ್ವಾಮಿ ಉಪಸ್ಥಿತರಿದ್ದರು.
ಸಭೆಯ ನಿರ್ಣಯ
ಭಾರತ ಸರ್ಕಾರದ ಆಯುಷ್ ಇಲಾಖೆಯು ಹೊರಡಿಸಿದ ದಿನಾಂಕ 4-9-2006ರ ಪತ್ರದಲ್ಲಿ ಯೋಗ ಮತ್ತು ಪ್ರಕೃತಿ ಚಿಕಿತ್ಸೆಯನ್ನು ಸ್ವತಂತ್ರ ವೈದ್ಯಕೀಯ ಪದ್ಧತಿಯಾಗಿ ಗುರುತಿಸಲಾಗಿದೆ. ರಾಷ್ಟ್ರೀಯ ಶಿಕ್ಷಣ ನೀತಿ 2020ರಲ್ಲಿ ಸೇರಿಸುವ ಅಗತ್ಯವಿದೆ. ಯೋಗ-ಪ್ರಕೃತಿ ಚಿಕಿತ್ಸಾ ಶಿಕ್ಷಣ ನಿಯಂತ್ರಣಕ್ಕೆ ಪ್ರತ್ಯೇಕ ಮಂಡಳಿ ರಚಿಸಬೇಕು. ಯೋಗ ಕ್ಷೇತ್ರದ ತಜ್ಞರನ್ನು ಒಳಗೊಂಡ ಸಮಿತಿ ರಚಿಸಿ ಅಭಿವೃದ್ಧಿಗೆ ಕ್ರಮ ಕೈಗೊಳ್ಳಬೇಕು. ಜಿಲ್ಲಾ ಆಸ್ಪತ್ರೆಗಳಲ್ಲಿ ಯೋಗ ಮತ್ತು ಪ್ರಕೃತಿ ಚಿಕಿತ್ಸಾ ಘಟಕ ಆರಂಭಿಸಬೇಕು ಎಂಬ ನಿರ್ಣಯಗಳನ್ನು ಕೈಗೊಳ್ಳಲಾಯಿತು.
ಸಿಎಂ ಸ್ಥಾನ ಬಲಪಡಿಸಲು ಹೈ ಭೇಟಿ ಮಾಡಲಿರುವ ಸಿದ್ದರಾಮಯ್ಯ
ನಾಳೆಯಿಂದ 4 ದಿನ ಸಿಎಂ ದಿಲ್ಲಿ ಪ್ರವಾಸ
ಬೆಂಗಳೂರು: ಮುಂಬರುವ ಸಚಿವ ಸಂಪುಟ ಪುನಾರಚನೆ ಹಾಗೂ ಕೆಪಿಸಿಸಿ ಅಧ್ಯಕ್ಷರ ಬದಲಾವಣೆ ವಿಚಾರಗಳ ಕುರಿತು ಚರ್ಚೆ ನಡೆಯುತ್ತಿರುವ ಹೊತ್ತಿನಲ್ಲೇ ಮುಖ್ಯಮಂತ್ರಿ ಸಿದ್ದರಾಮಯ್ಯ ಅವರು ನಾಲ್ಕು ದಿನಗಳ ದೆಹಲಿ ಪ್ರವಾಸ ಕೈಗೊಳ್ಳಲಿದ್ದಾರೆ. ಏಪ್ರಿಲ್ 2ರಿಂದ 5ರವರೆಗೆ ದೆಹಲಿಯಲ್ಲಿರುವ ಅವರು, ಕಾಂಗ್ರೆಸ್ ಹೈಕಮಾಂಡ್ ನಾಯಕರನ್ನು ಭೇಟಿ ಮಾಡಿ ರಾಜ್ಯ ರಾಜಕೀಯದ ಬೆಳವಣಿಗೆಗಳ ಕುರಿತು ಚರ್ಚಿಸಲಿದ್ದಾರೆ. ಕೇಂದ್ರ ಸಚಿವರನ್ನು ಭೇಟಿ ಮಾಡಿ ರಾಜ್ಯದ ಯೋಜನೆಗಳಿಗೆ ಅನುದಾನ ಬಿಡುಗಡೆ ಮಾಡುವಂತೆ ಮನವಿ ಸಲ್ಲಿಸಲಿದ್ದಾರೆ. ಪ್ರವಾಸದ ವೇಳೆ ಎಐಸಿಸಿ ಅಧ್ಯಕ್ಷ ಮಲ್ಲಿಕಾರ್ಜುನ ಖರ್ಗೆ, ರಾಹುಲ್ ಗಾಂಧಿ ಅವರನ್ನು ಭೇಟಿ ಮಾಡುವ ಸಾಧ್ಯತೆ ಇದೆ. ಸಚಿವ ಸಂಪುಟ ಪುನಾರಚನೆ ಕುರಿತು ಹೈಕಮಾಂಡ್ ಜತೆ ಮಾತುಕತೆ ನಡೆಸಲಿದ್ದಾರೆ ಎಂದು ಮೂಲಗಳು ತಿಳಿಸಿವೆ.
ಸಂಪುಟ ಪುನಾರಚನೆ
ಸಂಪುಟ ಪುನಾರಚನೆಯ ಚರ್ಚೆ ನಡೆಯುತ್ತಿದ್ದು ಕೆಲ ಸಚಿವರನ್ನು ಕೈಬಿಡುವ ಸಾಧ್ಯತೆಗಳಿವೆ. ಬಜೆಟ್ ಅಧಿವೇಶನ ಮುಗಿದ ನಂತರ ಪುನಾರಚನೆ ನಡೆಯುವ ನಿರೀಕ್ಷೆ ಇದೆ. ಹೈಕಮಾಂಡ್ ಜತೆ ಚರ್ಚಿಸಿ ಅಂತಿಮ ನಿರ್ಧಾರ ಕೈಗೊಳ್ಳಲಾಗುವುದು.
